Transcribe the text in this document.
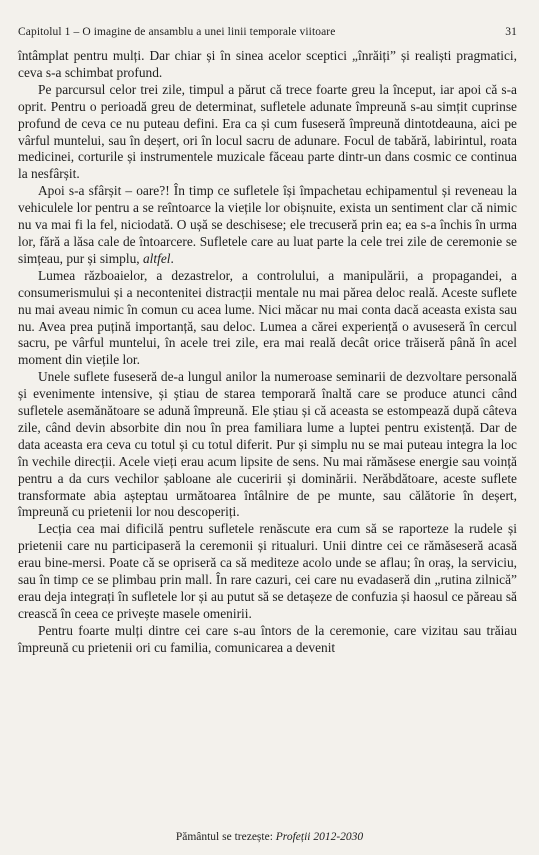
Capitolul 1 – O imagine de ansamblu a unei linii temporale viitoare	31

întâmplat pentru mulți. Dar chiar și în sinea acelor sceptici „înrăiți” și realiști pragmatici, ceva s-a schimbat profund.

Pe parcursul celor trei zile, timpul a părut că trece foarte greu la început, iar apoi că s-a oprit. Pentru o perioadă greu de determinat, sufletele adunate împreună s-au simțit cuprinse profund de ceva ce nu puteau defini. Era ca și cum fuseseră împreună dintotdeauna, aici pe vârful muntelui, sau în deșert, ori în locul sacru de adunare. Focul de tabără, labirintul, roata medicinei, corturile și instrumentele muzicale făceau parte dintr-un dans cosmic ce continua la nesfârșit.

Apoi s-a sfârșit – oare?! În timp ce sufletele își împachetau echipamentul și reveneau la vehiculele lor pentru a se reîntoarce la viețile lor obișnuite, exista un sentiment clar că nimic nu va mai fi la fel, niciodată. O ușă se deschisese; ele trecuseră prin ea; ea s-a închis în urma lor, fără a lăsa cale de întoarcere. Sufletele care au luat parte la cele trei zile de ceremonie se simțeau, pur și simplu, altfel.

Lumea războaielor, a dezastrelor, a controlului, a manipulării, a propagandei, a consumerismului și a necontenitei distracții mentale nu mai părea deloc reală. Aceste suflete nu mai aveau nimic în comun cu acea lume. Nici măcar nu mai conta dacă aceasta exista sau nu. Avea prea puțină importanță, sau deloc. Lumea a cărei experiență o avuseseră în cercul sacru, pe vârful muntelui, în acele trei zile, era mai reală decât orice trăiseră până în acel moment din viețile lor.

Unele suflete fuseseră de-a lungul anilor la numeroase seminarii de dezvoltare personală și evenimente intensive, și știau de starea temporară înaltă care se produce atunci când sufletele asemănătoare se adună împreună. Ele știau și că aceasta se estompează după câteva zile, când devin absorbite din nou în prea familiara lume a luptei pentru existență. Dar de data aceasta era ceva cu totul și cu totul diferit. Pur și simplu nu se mai puteau integra la loc în vechile direcții. Acele vieți erau acum lipsite de sens. Nu mai rămăsese energie sau voință pentru a da curs vechilor șabloane ale cuceririi și dominării. Nerăbdătoare, aceste suflete transformate abia așteptau următoarea întâlnire de pe munte, sau călătorie în deșert, împreună cu prietenii lor nou descoperiți.

Lecția cea mai dificilă pentru sufletele renăscute era cum să se raporteze la rudele și prietenii care nu participaseră la ceremonii și ritualuri. Unii dintre cei ce rămăseseră acasă erau bine-mersi. Poate că se opriseră ca să mediteze acolo unde se aflau; în oraș, la serviciu, sau în timp ce se plimbau prin mall. În rare cazuri, cei care nu evadaseră din „rutina zilnică” erau deja integrați în sufletele lor și au putut să se detașeze de confuzia și haosul ce păreau să crească în ceea ce privește masele omenirii.

Pentru foarte mulți dintre cei care s-au întors de la ceremonie, care vizitau sau trăiau împreună cu prietenii ori cu familia, comunicarea a devenit

Pământul se trezește: Profeții 2012-2030
